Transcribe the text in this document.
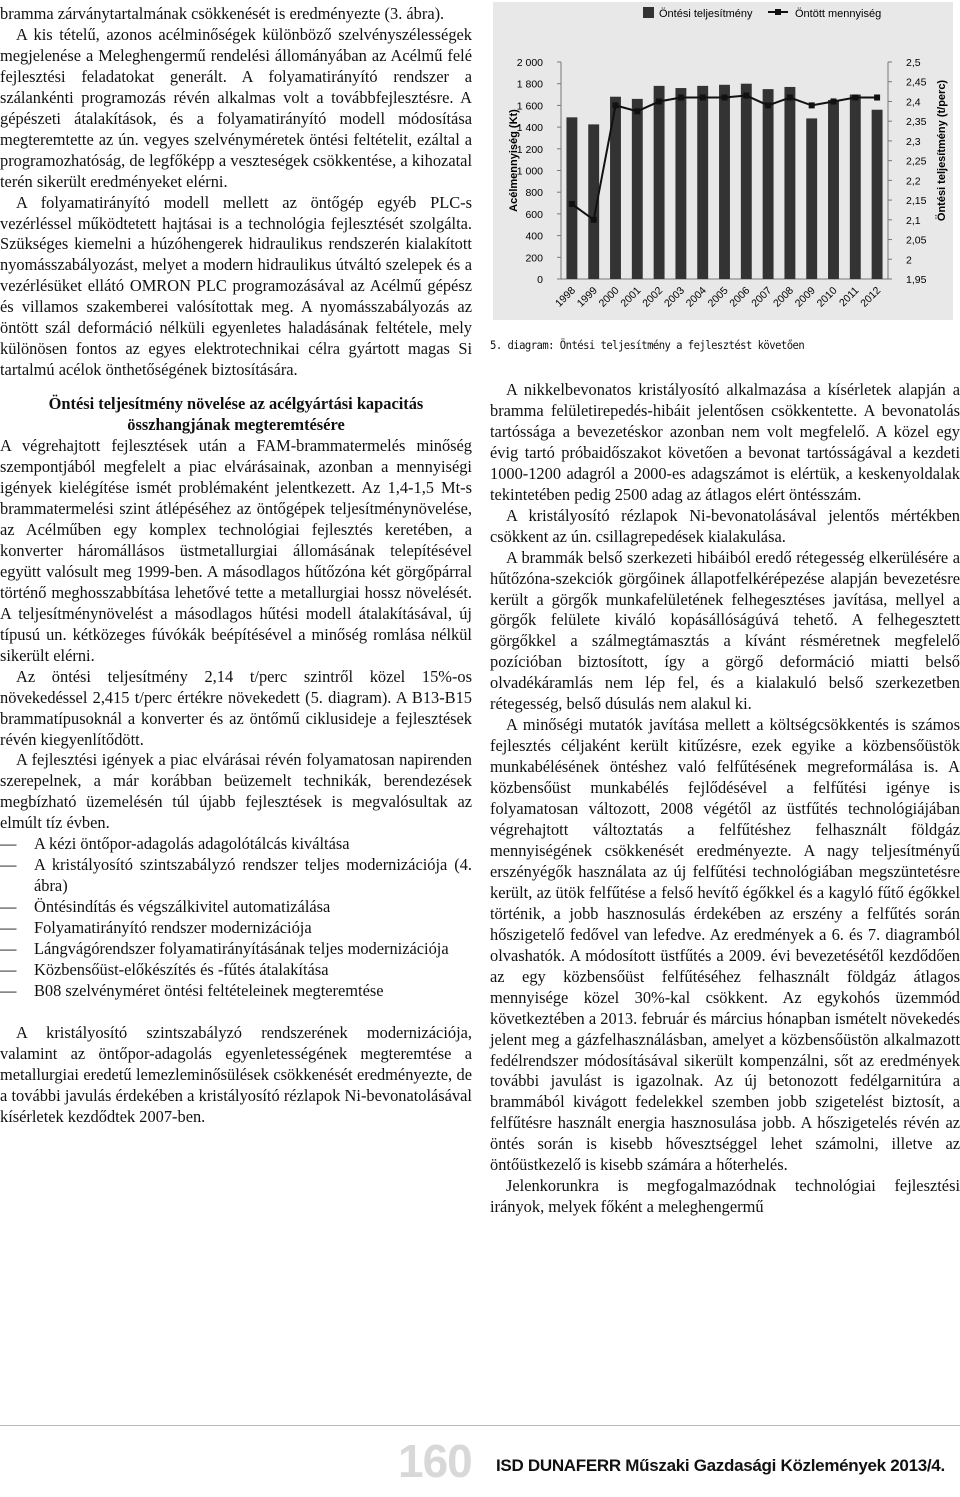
bramma zárványtartalmának csökkenését is eredményezte (3. ábra).

A kis tételű, azonos acélminőségek különböző szelvényszélességek megjelenése a Meleghengermű rendelési állományában az Acélmű felé fejlesztési feladatokat generált. A folyamatirányító rendszer a szálankénti programozás révén alkalmas volt a továbbfejlesztésre. A gépészeti átalakítások, és a folyamatirányító modell módosítása megteremtette az ún. vegyes szelvényméretek öntési feltételit, ezáltal a programozhatóság, de legfőképp a veszteségek csökkentése, a kihozatal terén sikerült eredményeket elérni.

A folyamatirányító modell mellett az öntőgép egyéb PLC-s vezérléssel működtetett hajtásai is a technológia fejlesztését szolgálta. Szükséges kiemelni a húzóhengerek hidraulikus rendszerén kialakított nyomásszabályozást, melyet a modern hidraulikus útváltó szelepek és a vezérlésüket ellátó OMRON PLC programozásával az Acélmű gépész és villamos szakemberei valósítottak meg. A nyomásszabályozás az öntött szál deformáció nélküli egyenletes haladásának feltétele, mely különösen fontos az egyes elektrotechnikai célra gyártott magas Si tartalmú acélok önthetőségének biztosítására.

Öntési teljesítmény növelése az acélgyártási kapacitás összhangjának megteremtésére

A végrehajtott fejlesztések után a FAM-brammatermelés minőség szempontjából megfelelt a piac elvárásainak, azonban a mennyiségi igények kielégítése ismét problémaként jelentkezett. Az 1,4-1,5 Mt-s brammatermelési szint átlépéséhez az öntőgépek teljesítménynövelése, az Acélműben egy komplex technológiai fejlesztés keretében, a konverter háromállásos üstmetallurgiai állomásának telepítésével együtt valósult meg 1999-ben. A másodlagos hűtőzóna két görgőpárral történő meghosszabbítása lehetővé tette a metallurgiai hossz növelését. A teljesítménynövelést a másodlagos hűtési modell átalakításával, új típusú un. kétközeges fúvókák beépítésével a minőség romlása nélkül sikerült elérni.

Az öntési teljesítmény 2,14 t/perc szintről közel 15%-os növekedéssel 2,415 t/perc értékre növekedett (5. diagram). A B13-B15 brammatípusoknál a konverter és az öntőmű ciklusideje a fejlesztések révén kiegyenlítődött.

A fejlesztési igények a piac elvárásai révén folyamatosan napirenden szerepelnek, a már korábban beüzemelt technikák, berendezések megbízható üzemelésén túl újabb fejlesztések is megvalósultak az elmúlt tíz évben.

— A kézi öntőpor-adagolás adagolótálcás kiváltása

— A kristályosító szintszabályzó rendszer teljes modernizációja (4. ábra)

— Öntésindítás és végszálkivitel automatizálása

— Folyamatirányító rendszer modernizációja

— Lángvágórendszer folyamatirányításának teljes modernizációja

— Közbensőüst-előkészítés és -fűtés átalakítása

— B08 szelvényméret öntési feltételeinek megteremtése

A kristályosító szintszabályzó rendszerének modernizációja, valamint az öntőpor-adagolás egyenletességének megteremtése a metallurgiai eredetű lemezleminősülések csökkenését eredményezte, de a további javulás érdekében a kristályosító rézlapok Ni-bevonatolásával kísérletek kezdődtek 2007-ben.

Öntési teljesítmény	Öntött mennyiség
2 000
1 800
1 600
1 400
1 200
1 000
800
600
400
200
0
2,5
2,45
2,4
2,35
2,3
2,25
2,2
2,15
2,1
2,05
2
1,95
Acélmennyiség (Kt)	Öntési teljesítmény (t/perc)
1998
1999
2000
2001
2002
2003
2004
2005
2006
2007
2008
2009
2010
2011
2012
5. diagram: Öntési teljesítmény a fejlesztést követően

A nikkelbevonatos kristályosító alkalmazása a kísérletek alapján a bramma felületirepedés-hibáit jelentősen csökkentette. A bevonatolás tartóssága a bevezetéskor azonban nem volt megfelelő. A közel egy évig tartó próbaidőszakot követően a bevonat tartósságával a kezdeti 1000-1200 adagról a 2000-es adagszámot is elértük, a keskenyoldalak tekintetében pedig 2500 adag az átlagos elért öntésszám.

A kristályosító rézlapok Ni-bevonatolásával jelentős mértékben csökkent az ún. csillagrepedések kialakulása.

A brammák belső szerkezeti hibáiból eredő rétegesség elkerülésére a hűtőzóna-szekciók görgőinek állapotfelkérépezése alapján bevezetésre került a görgők munkafelületének felhegesztéses javítása, mellyel a görgők felülete kiváló kopásállóságúvá tehető. A felhegesztett görgőkkel a szálmegtámasztás a kívánt résméretnek megfelelő pozícióban biztosított, így a görgő deformáció miatti belső olvadékáramlás nem lép fel, és a kialakuló belső szerkezetben rétegesség, belső dúsulás nem alakul ki.

A minőségi mutatók javítása mellett a költségcsökkentés is számos fejlesztés céljaként került kitűzésre, ezek egyike a közbensőüstök munkabélésének öntéshez való felfűtésének megreformálása is. A közbensőüst munkabélés fejlődésével a felfűtési igénye is folyamatosan változott, 2008 végétől az üstfűtés technológiájában végrehajtott változtatás a felfűtéshez felhasznált földgáz mennyiségének csökkenését eredményezte. A nagy teljesítményű erszényégők használata az új felfűtési technológiában megszüntetésre került, az ütök felfűtése a felső hevítő égőkkel és a kagyló fűtő égőkkel történik, a jobb hasznosulás érdekében az erszény a felfűtés során hőszigetelő fedővel van lefedve. Az eredmények a 6. és 7. diagramból olvashatók. A módosított üstfűtés a 2009. évi bevezetésétől kezdődően az egy közbensőüst felfűtéséhez felhasznált földgáz átlagos mennyisége közel 30%-kal csökkent. Az egykohós üzemmód következtében a 2013. február és március hónapban ismételt növekedés jelent meg a gázfelhasználásban, amelyet a közbensőüstön alkalmazott fedélrendszer módosításával sikerült kompenzálni, sőt az eredmények további javulást is igazolnak. Az új betonozott fedélgarnitúra a brammából kivágott fedelekkel szemben jobb szigetelést biztosít, a felfűtésre használt energia hasznosulása jobb. A hőszigetelés révén az öntés során is kisebb hővesztséggel lehet számolni, illetve az öntőüstkezelő is kisebb számára a hőterhelés.

Jelenkorunkra is megfogalmazódnak technológiai fejlesztési irányok, melyek főként a meleghengermű

160 ISD DUNAFERR Műszaki Gazdasági Közlemények 2013/4.
